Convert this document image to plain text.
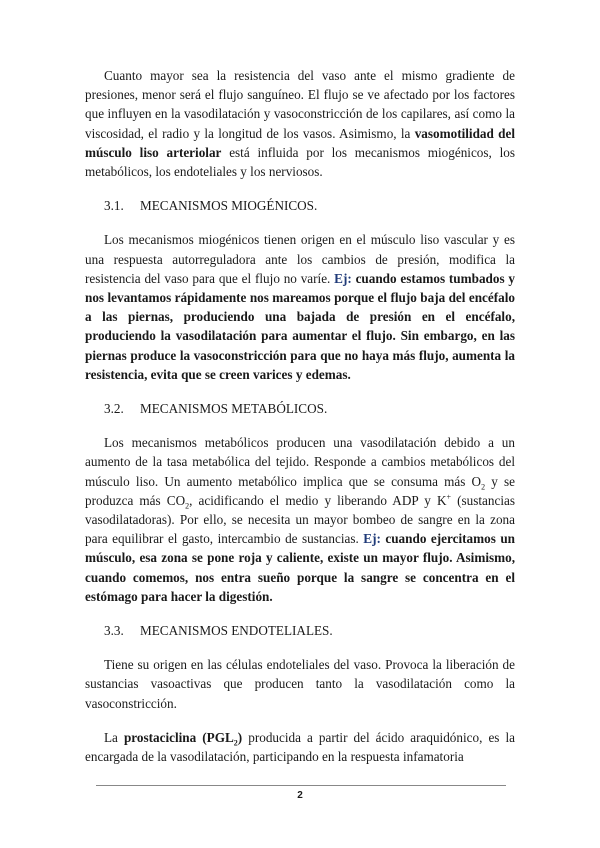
Cuanto mayor sea la resistencia del vaso ante el mismo gradiente de presiones, menor será el flujo sanguíneo. El flujo se ve afectado por los factores que influyen en la vasodilatación y vasoconstricción de los capilares, así como la viscosidad, el radio y la longitud de los vasos. Asimismo, la vasomotilidad del músculo liso arteriolar está influida por los mecanismos miogénicos, los metabólicos, los endoteliales y los nerviosos.

3.1. MECANISMOS MIOGÉNICOS.

Los mecanismos miogénicos tienen origen en el músculo liso vascular y es una respuesta autorreguladora ante los cambios de presión, modifica la resistencia del vaso para que el flujo no varíe. Ej: cuando estamos tumbados y nos levantamos rápidamente nos mareamos porque el flujo baja del encéfalo a las piernas, produciendo una bajada de presión en el encéfalo, produciendo la vasodilatación para aumentar el flujo. Sin embargo, en las piernas produce la vasoconstricción para que no haya más flujo, aumenta la resistencia, evita que se creen varices y edemas.

3.2. MECANISMOS METABÓLICOS.

Los mecanismos metabólicos producen una vasodilatación debido a un aumento de la tasa metabólica del tejido. Responde a cambios metabólicos del músculo liso. Un aumento metabólico implica que se consuma más $O_2$ y se produzca más $CO_2$, acidificando el medio y liberando ADP y K+ (sustancias vasodilatadoras). Por ello, se necesita un mayor bombeo de sangre en la zona para equilibrar el gasto, intercambio de sustancias. Ej: cuando ejercitamos un músculo, esa zona se pone roja y caliente, existe un mayor flujo. Asimismo, cuando comemos, nos entra sueño porque la sangre se concentra en el estómago para hacer la digestión.

3.3. MECANISMOS ENDOTELIALES.

Tiene su origen en las células endoteliales del vaso. Provoca la liberación de sustancias vasoactivas que producen tanto la vasodilatación como la vasoconstricción.

La prostaciclina $(PGL_2)$ producida a partir del ácido araquidónico, es la encargada de la vasodilatación, participando en la respuesta infamatoria

2
